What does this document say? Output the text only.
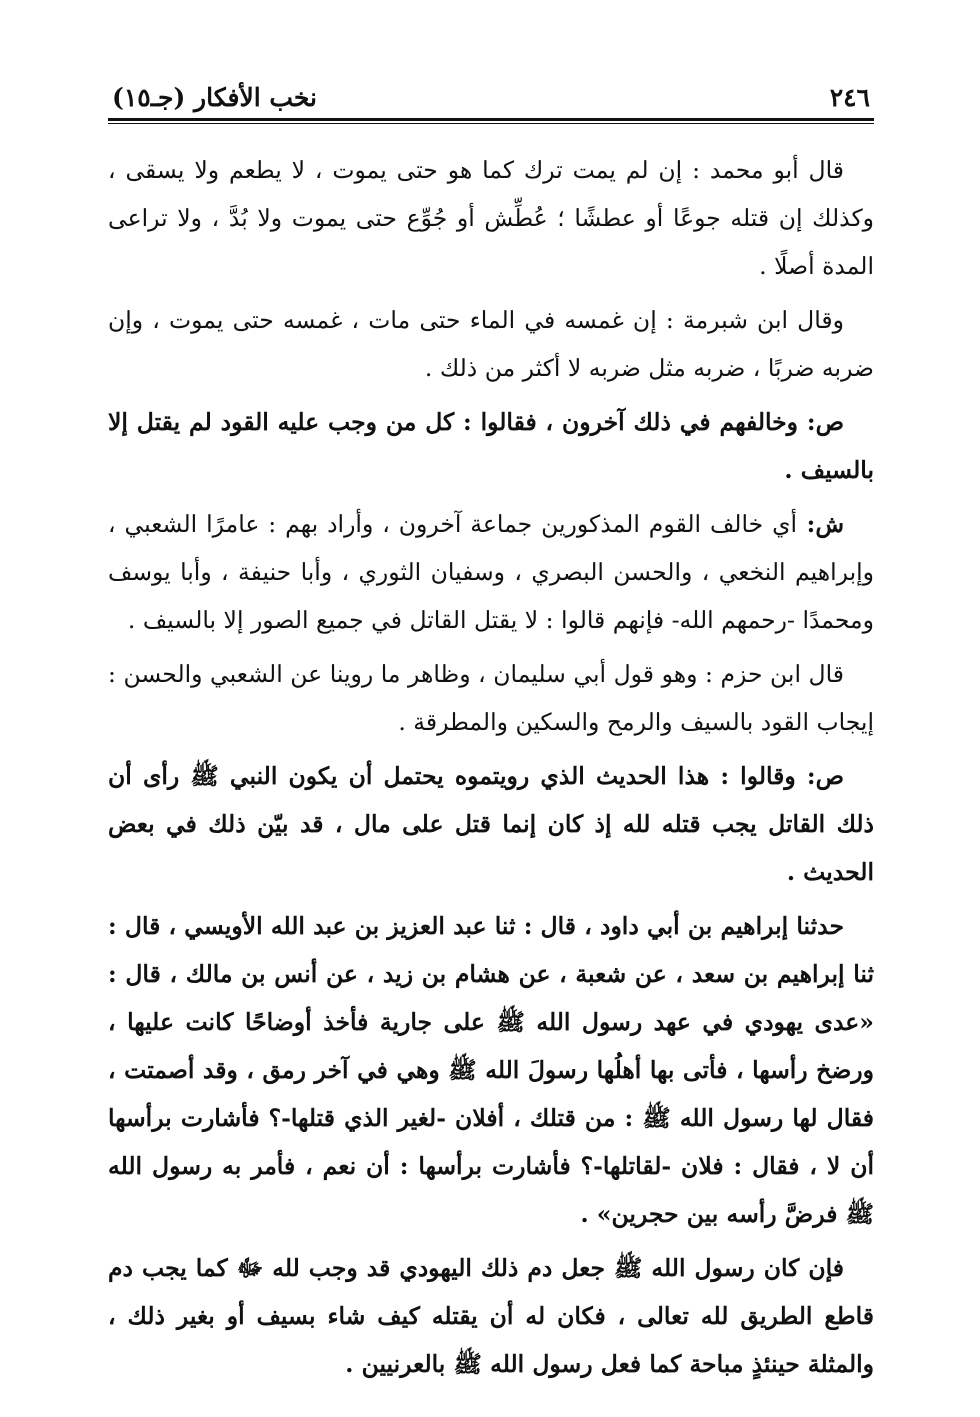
٢٤٦
نخب الأفكار (جـ١٥)

قال أبو محمد : إن لم يمت ترك كما هو حتى يموت ، لا يطعم ولا يسقى ، وكذلك إن قتله جوعًا أو عطشًا ؛ عُطِّش أو جُوِّع حتى يموت ولا بُدَّ ، ولا تراعى المدة أصلًا .

وقال ابن شبرمة : إن غمسه في الماء حتى مات ، غمسه حتى يموت ، وإن ضربه ضربًا ، ضربه مثل ضربه لا أكثر من ذلك .

ص: وخالفهم في ذلك آخرون ، فقالوا : كل من وجب عليه القود لم يقتل إلا بالسيف .

ش: أي خالف القوم المذكورين جماعة آخرون ، وأراد بهم : عامرًا الشعبي ، وإبراهيم النخعي ، والحسن البصري ، وسفيان الثوري ، وأبا حنيفة ، وأبا يوسف ومحمدًا -رحمهم الله- فإنهم قالوا : لا يقتل القاتل في جميع الصور إلا بالسيف .

قال ابن حزم : وهو قول أبي سليمان ، وظاهر ما روينا عن الشعبي والحسن : إيجاب القود بالسيف والرمح والسكين والمطرقة .

ص: وقالوا : هذا الحديث الذي رويتموه يحتمل أن يكون النبي ﷺ رأى أن ذلك القاتل يجب قتله لله إذ كان إنما قتل على مال ، قد بيّن ذلك في بعض الحديث .

حدثنا إبراهيم بن أبي داود ، قال : ثنا عبد العزيز بن عبد الله الأويسي ، قال : ثنا إبراهيم بن سعد ، عن شعبة ، عن هشام بن زيد ، عن أنس بن مالك ، قال : «عدى يهودي في عهد رسول الله ﷺ على جارية فأخذ أوضاحًا كانت عليها ، ورضخ رأسها ، فأتى بها أهلُها رسولَ الله ﷺ وهي في آخر رمق ، وقد أصمتت ، فقال لها رسول الله ﷺ : من قتلك ، أفلان -لغير الذي قتلها-؟ فأشارت برأسها أن لا ، فقال : فلان -لقاتلها-؟ فأشارت برأسها : أن نعم ، فأمر به رسول الله ﷺ فرضَّ رأسه بين حجرين» .

فإن كان رسول الله ﷺ جعل دم ذلك اليهودي قد وجب لله ﷻ كما يجب دم قاطع الطريق لله تعالى ، فكان له أن يقتله كيف شاء بسيف أو بغير ذلك ، والمثلة حينئذٍ مباحة كما فعل رسول الله ﷺ بالعرنيين .
